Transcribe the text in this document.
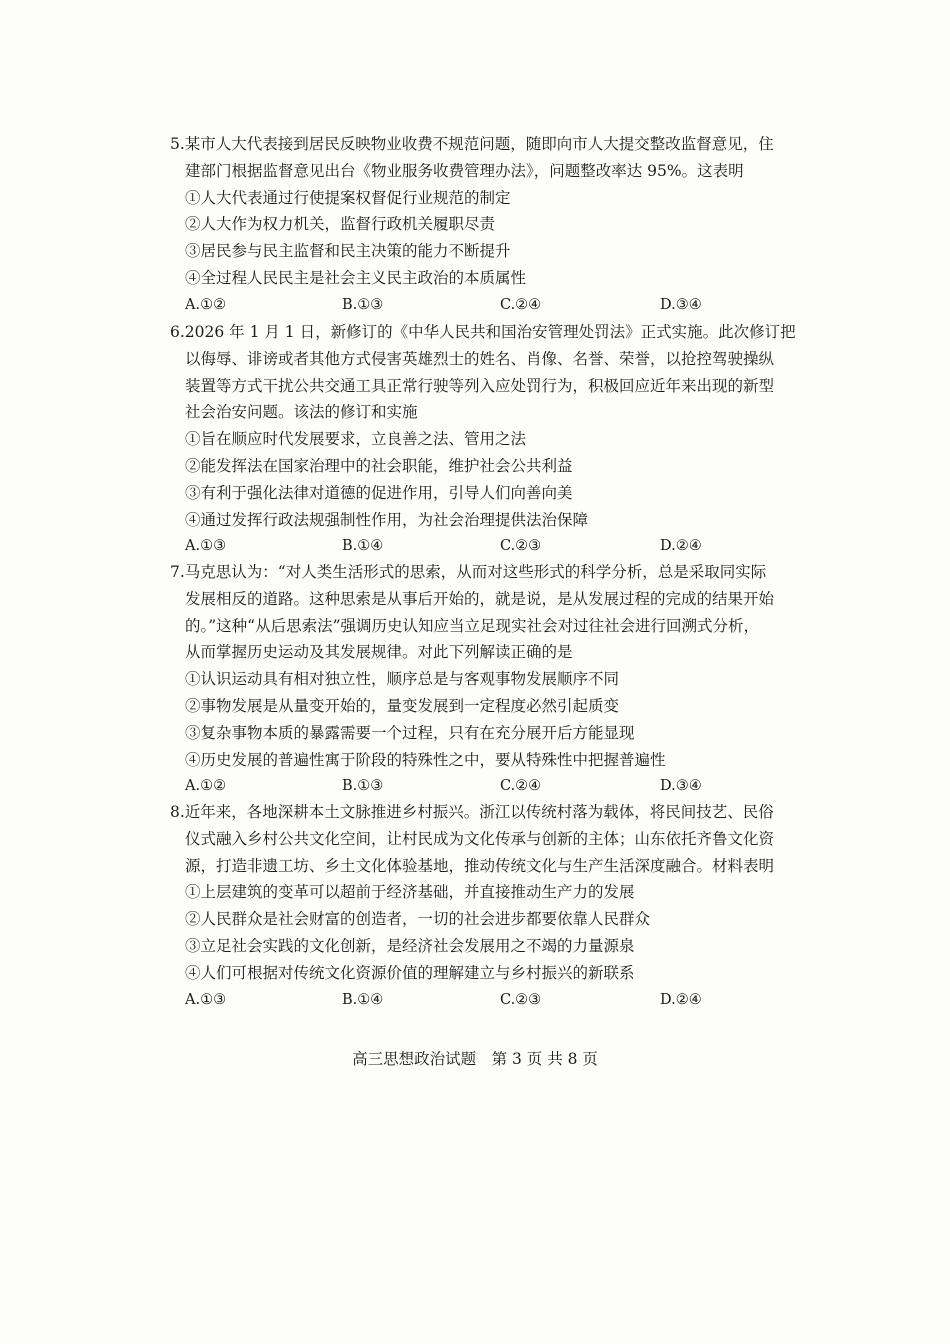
5.某市人大代表接到居民反映物业收费不规范问题，随即向市人大提交整改监督意见，住
建部门根据监督意见出台《物业服务收费管理办法》，问题整改率达 95%。这表明
①人大代表通过行使提案权督促行业规范的制定
②人大作为权力机关，监督行政机关履职尽责
③居民参与民主监督和民主决策的能力不断提升
④全过程人民民主是社会主义民主政治的本质属性
A.①②	B.①③	C.②④	D.③④
6.2026 年 1 月 1 日，新修订的《中华人民共和国治安管理处罚法》正式实施。此次修订把
以侮辱、诽谤或者其他方式侵害英雄烈士的姓名、肖像、名誉、荣誉，以抢控驾驶操纵
装置等方式干扰公共交通工具正常行驶等列入应处罚行为，积极回应近年来出现的新型
社会治安问题。该法的修订和实施
①旨在顺应时代发展要求，立良善之法、管用之法
②能发挥法在国家治理中的社会职能，维护社会公共利益
③有利于强化法律对道德的促进作用，引导人们向善向美
④通过发挥行政法规强制性作用，为社会治理提供法治保障
A.①③	B.①④	C.②③	D.②④
7.马克思认为：“对人类生活形式的思索，从而对这些形式的科学分析，总是采取同实际
发展相反的道路。这种思索是从事后开始的，就是说，是从发展过程的完成的结果开始
的。”这种“从后思索法”强调历史认知应当立足现实社会对过往社会进行回溯式分析，
从而掌握历史运动及其发展规律。对此下列解读正确的是
①认识运动具有相对独立性，顺序总是与客观事物发展顺序不同
②事物发展是从量变开始的，量变发展到一定程度必然引起质变
③复杂事物本质的暴露需要一个过程，只有在充分展开后方能显现
④历史发展的普遍性寓于阶段的特殊性之中，要从特殊性中把握普遍性
A.①②	B.①③	C.②④	D.③④
8.近年来，各地深耕本土文脉推进乡村振兴。浙江以传统村落为载体，将民间技艺、民俗
仪式融入乡村公共文化空间，让村民成为文化传承与创新的主体；山东依托齐鲁文化资
源，打造非遗工坊、乡土文化体验基地，推动传统文化与生产生活深度融合。材料表明
①上层建筑的变革可以超前于经济基础，并直接推动生产力的发展
②人民群众是社会财富的创造者，一切的社会进步都要依靠人民群众
③立足社会实践的文化创新，是经济社会发展用之不竭的力量源泉
④人们可根据对传统文化资源价值的理解建立与乡村振兴的新联系
A.①③	B.①④	C.②③	D.②④
高三思想政治试题　第 3 页 共 8 页
